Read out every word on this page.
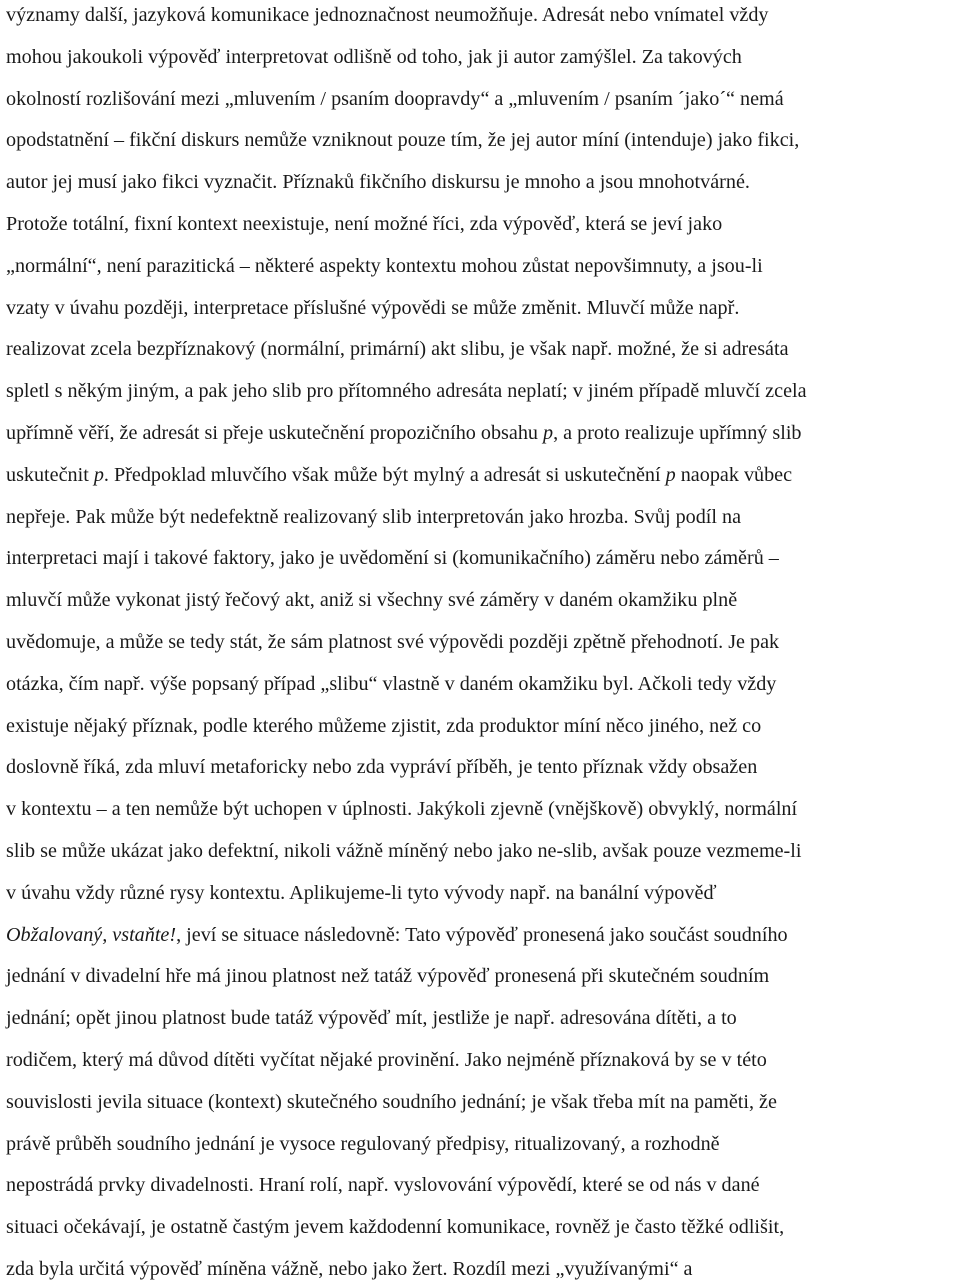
významy další, jazyková komunikace jednoznačnost neumožňuje. Adresát nebo vnímatel vždy
mohou jakoukoli výpověď interpretovat odlišně od toho, jak ji autor zamýšlel. Za takových
okolností rozlišování mezi „mluvením / psaním doopravdy“ a „mluvením / psaním ´jako´“ nemá
opodstatnění – fikční diskurs nemůže vzniknout pouze tím, že jej autor míní (intenduje) jako fikci,
autor jej musí jako fikci vyznačit. Příznaků fikčního diskursu je mnoho a jsou mnohotvárné.
Protože totální, fixní kontext neexistuje, není možné říci, zda výpověď, která se jeví jako
„normální“, není parazitická – některé aspekty kontextu mohou zůstat nepovšimnuty, a jsou-li
vzaty v úvahu později, interpretace příslušné výpovědi se může změnit. Mluvčí může např.
realizovat zcela bezpříznakový (normální, primární) akt slibu, je však např. možné, že si adresáta
spletl s někým jiným, a pak jeho slib pro přítomného adresáta neplatí; v jiném případě mluvčí zcela
upřímně věří, že adresát si přeje uskutečnění propozičního obsahu p, a proto realizuje upřímný slib
uskutečnit p. Předpoklad mluvčího však může být mylný a adresát si uskutečnění p naopak vůbec
nepřeje. Pak může být nedefektně realizovaný slib interpretován jako hrozba. Svůj podíl na
interpretaci mají i takové faktory, jako je uvědomění si (komunikačního) záměru nebo záměrů –
mluvčí může vykonat jistý řečový akt, aniž si všechny své záměry v daném okamžiku plně
uvědomuje, a může se tedy stát, že sám platnost své výpovědi později zpětně přehodnotí. Je pak
otázka, čím např. výše popsaný případ „slibu“ vlastně v daném okamžiku byl. Ačkoli tedy vždy
existuje nějaký příznak, podle kterého můžeme zjistit, zda produktor míní něco jiného, než co
doslovně říká, zda mluví metaforicky nebo zda vypráví příběh, je tento příznak vždy obsažen
v kontextu – a ten nemůže být uchopen v úplnosti. Jakýkoli zjevně (vnějškově) obvyklý, normální
slib se může ukázat jako defektní, nikoli vážně míněný nebo jako ne-slib, avšak pouze vezmeme-li
v úvahu vždy různé rysy kontextu. Aplikujeme-li tyto vývody např. na banální výpověď
Obžalovaný, vstaňte!, jeví se situace následovně: Tato výpověď pronesená jako součást soudního
jednání v divadelní hře má jinou platnost než tatáž výpověď pronesená při skutečném soudním
jednání; opět jinou platnost bude tatáž výpověď mít, jestliže je např. adresována dítěti, a to
rodičem, který má důvod dítěti vyčítat nějaké provinění. Jako nejméně příznaková by se v této
souvislosti jevila situace (kontext) skutečného soudního jednání; je však třeba mít na paměti, že
právě průběh soudního jednání je vysoce regulovaný předpisy, ritualizovaný, a rozhodně
nepostrádá prvky divadelnosti. Hraní rolí, např. vyslovování výpovědí, které se od nás v dané
situaci očekávají, je ostatně častým jevem každodenní komunikace, rovněž je často těžké odlišit,
zda byla určitá výpověď míněna vážně, nebo jako žert. Rozdíl mezi „využívanými“ a
